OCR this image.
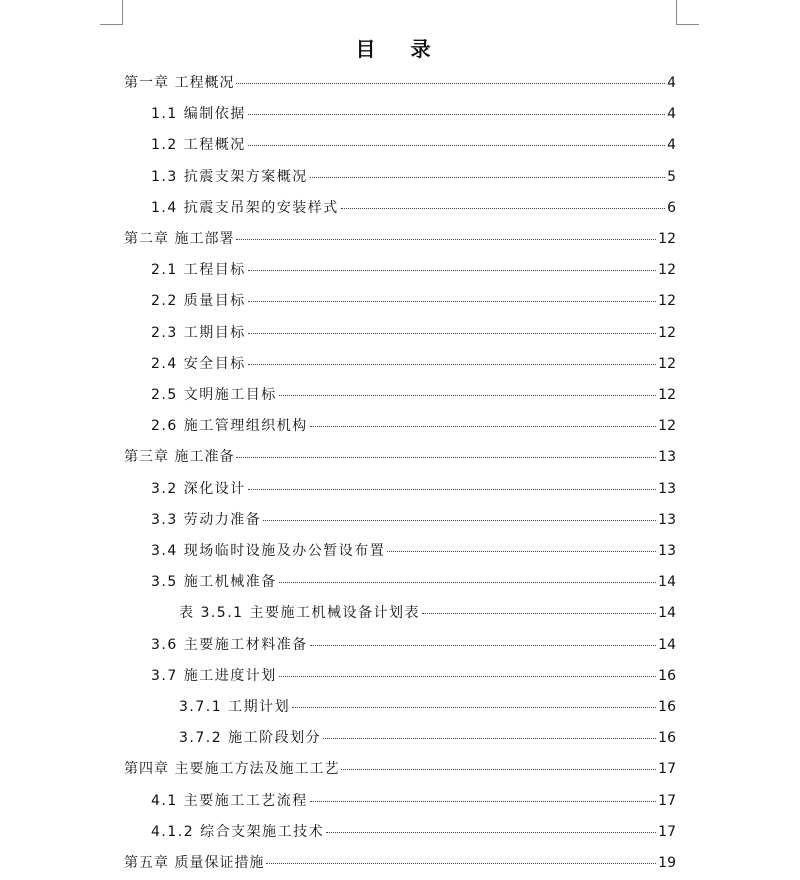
目 录
第一章 工程概况	4
1.1 编制依据	4
1.2 工程概况	4
1.3 抗震支架方案概况	5
1.4 抗震支吊架的安装样式	6
第二章 施工部署	12
2.1 工程目标	12
2.2 质量目标	12
2.3 工期目标	12
2.4 安全目标	12
2.5 文明施工目标	12
2.6 施工管理组织机构	12
第三章 施工准备	13
3.2 深化设计	13
3.3 劳动力准备	13
3.4 现场临时设施及办公暂设布置	13
3.5 施工机械准备	14
表 3.5.1 主要施工机械设备计划表	14
3.6 主要施工材料准备	14
3.7 施工进度计划	16
3.7.1 工期计划	16
3.7.2 施工阶段划分	16
第四章 主要施工方法及施工工艺	17
4.1 主要施工工艺流程	17
4.1.2 综合支架施工技术	17
第五章 质量保证措施	19
